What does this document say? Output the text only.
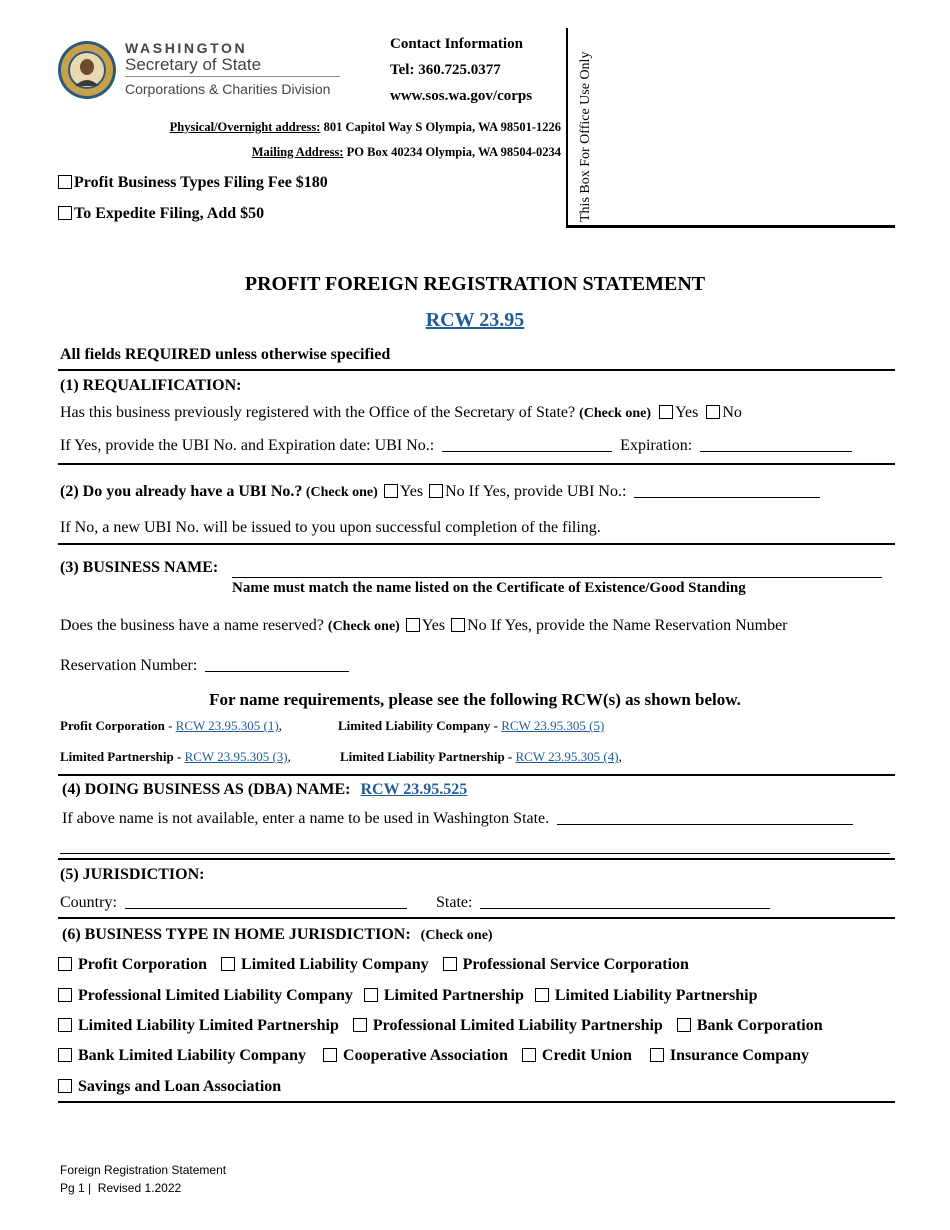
WASHINGTON
Secretary of State
Corporations & Charities Division
Contact Information
Tel: 360.725.0377
www.sos.wa.gov/corps
Physical/Overnight address: 801 Capitol Way S Olympia, WA 98501-1226
Mailing Address: PO Box 40234 Olympia, WA 98504-0234
Profit Business Types Filing Fee $180
To Expedite Filing, Add $50	This Box For Office Use Only
PROFIT FOREIGN REGISTRATION STATEMENT
RCW 23.95
All fields REQUIRED unless otherwise specified
(1) REQUALIFICATION:
Has this business previously registered with the Office of the Secretary of State? (Check one) Yes No
If Yes, provide the UBI No. and Expiration date: UBI No.:	Expiration:
(2) Do you already have a UBI No.? (Check one) Yes No If Yes, provide UBI No.:
If No, a new UBI No. will be issued to you upon successful completion of the filing.
(3) BUSINESS NAME:
Name must match the name listed on the Certificate of Existence/Good Standing
Does the business have a name reserved? (Check one) Yes No If Yes, provide the Name Reservation Number
Reservation Number:
For name requirements, please see the following RCW(s) as shown below.
Profit Corporation - RCW 23.95.305 (1),	Limited Liability Company - RCW 23.95.305 (5)
Limited Partnership - RCW 23.95.305 (3),	Limited Liability Partnership - RCW 23.95.305 (4),
(4) DOING BUSINESS AS (DBA) NAME: RCW 23.95.525
If above name is not available, enter a name to be used in Washington State.
(5) JURISDICTION:
Country:	State:
(6) BUSINESS TYPE IN HOME JURISDICTION: (Check one)
Profit Corporation Limited Liability Company Professional Service Corporation
Professional Limited Liability Company Limited Partnership Limited Liability Partnership
Limited Liability Limited Partnership Professional Limited Liability Partnership Bank Corporation
Bank Limited Liability Company Cooperative Association Credit Union Insurance Company
Savings and Loan Association
Foreign Registration Statement
Pg 1 |  Revised 1.2022
